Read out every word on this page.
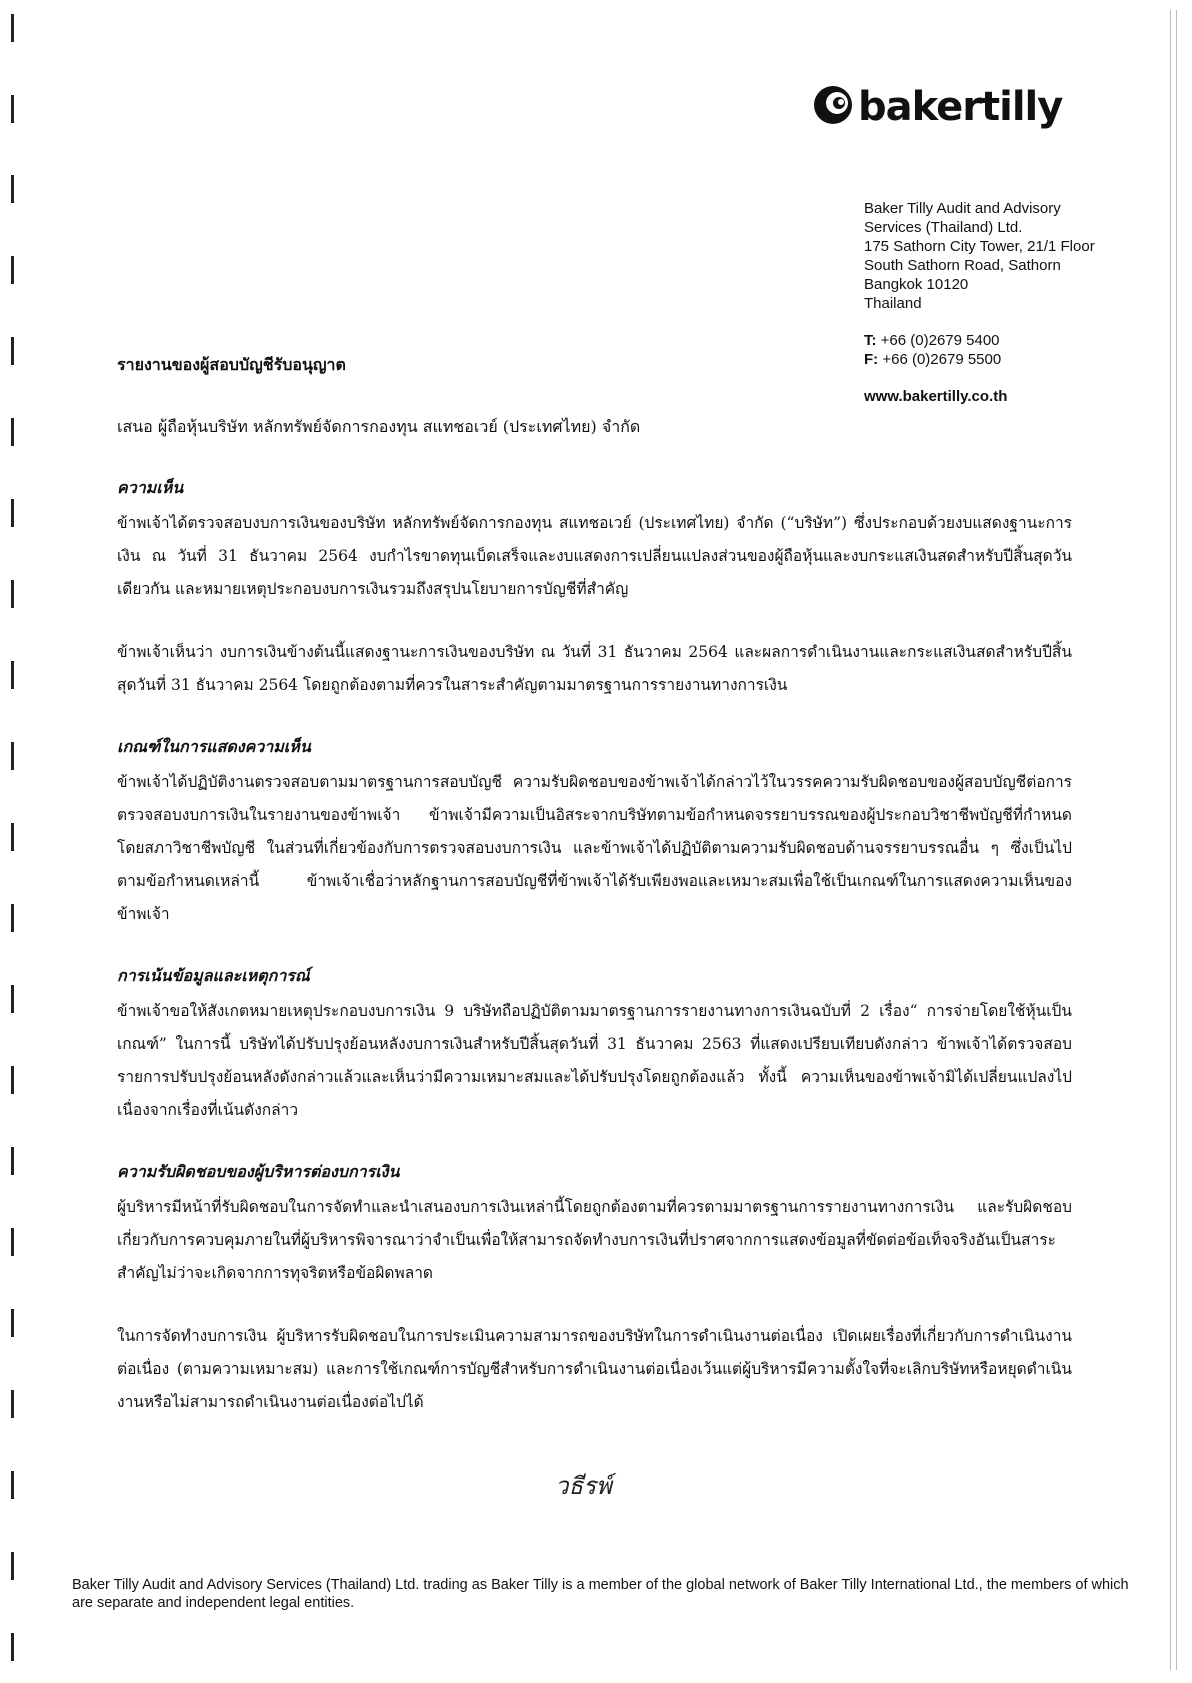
bakertilly
Baker Tilly Audit and Advisory
Services (Thailand) Ltd.
175 Sathorn City Tower, 21/1 Floor
South Sathorn Road, Sathorn
Bangkok 10120
Thailand
T: +66 (0)2679 5400
F: +66 (0)2679 5500
www.bakertilly.co.th
รายงานของผู้สอบบัญชีรับอนุญาต
เสนอ ผู้ถือหุ้นบริษัท หลักทรัพย์จัดการกองทุน สแทชอเวย์ (ประเทศไทย) จำกัด
ความเห็น

ข้าพเจ้าได้ตรวจสอบงบการเงินของบริษัท หลักทรัพย์จัดการกองทุน สแทชอเวย์ (ประเทศไทย) จำกัด (“บริษัท”) ซึ่งประกอบด้วยงบแสดงฐานะการเงิน ณ วันที่ 31 ธันวาคม 2564 งบกำไรขาดทุนเบ็ดเสร็จและงบแสดงการเปลี่ยนแปลงส่วนของผู้ถือหุ้นและงบกระแสเงินสดสำหรับปีสิ้นสุดวันเดียวกัน และหมายเหตุประกอบงบการเงินรวมถึงสรุปนโยบายการบัญชีที่สำคัญ

ข้าพเจ้าเห็นว่า งบการเงินข้างต้นนี้แสดงฐานะการเงินของบริษัท ณ วันที่ 31 ธันวาคม 2564 และผลการดำเนินงานและกระแสเงินสดสำหรับปีสิ้นสุดวันที่ 31 ธันวาคม 2564 โดยถูกต้องตามที่ควรในสาระสำคัญตามมาตรฐานการรายงานทางการเงิน

เกณฑ์ในการแสดงความเห็น

ข้าพเจ้าได้ปฏิบัติงานตรวจสอบตามมาตรฐานการสอบบัญชี ความรับผิดชอบของข้าพเจ้าได้กล่าวไว้ในวรรคความรับผิดชอบของผู้สอบบัญชีต่อการตรวจสอบงบการเงินในรายงานของข้าพเจ้า ข้าพเจ้ามีความเป็นอิสระจากบริษัทตามข้อกำหนดจรรยาบรรณของผู้ประกอบวิชาชีพบัญชีที่กำหนดโดยสภาวิชาชีพบัญชี ในส่วนที่เกี่ยวข้องกับการตรวจสอบงบการเงิน และข้าพเจ้าได้ปฏิบัติตามความรับผิดชอบด้านจรรยาบรรณอื่น ๆ ซึ่งเป็นไปตามข้อกำหนดเหล่านี้ ข้าพเจ้าเชื่อว่าหลักฐานการสอบบัญชีที่ข้าพเจ้าได้รับเพียงพอและเหมาะสมเพื่อใช้เป็นเกณฑ์ในการแสดงความเห็นของข้าพเจ้า

การเน้นข้อมูลและเหตุการณ์

ข้าพเจ้าขอให้สังเกตหมายเหตุประกอบงบการเงิน 9 บริษัทถือปฏิบัติตามมาตรฐานการรายงานทางการเงินฉบับที่ 2 เรื่อง“ การจ่ายโดยใช้หุ้นเป็นเกณฑ์” ในการนี้ บริษัทได้ปรับปรุงย้อนหลังงบการเงินสำหรับปีสิ้นสุดวันที่ 31 ธันวาคม 2563 ที่แสดงเปรียบเทียบดังกล่าว ข้าพเจ้าได้ตรวจสอบรายการปรับปรุงย้อนหลังดังกล่าวแล้วและเห็นว่ามีความเหมาะสมและได้ปรับปรุงโดยถูกต้องแล้ว ทั้งนี้ ความเห็นของข้าพเจ้ามิได้เปลี่ยนแปลงไปเนื่องจากเรื่องที่เน้นดังกล่าว

ความรับผิดชอบของผู้บริหารต่องบการเงิน

ผู้บริหารมีหน้าที่รับผิดชอบในการจัดทำและนำเสนองบการเงินเหล่านี้โดยถูกต้องตามที่ควรตามมาตรฐานการรายงานทางการเงิน และรับผิดชอบเกี่ยวกับการควบคุมภายในที่ผู้บริหารพิจารณาว่าจำเป็นเพื่อให้สามารถจัดทำงบการเงินที่ปราศจากการแสดงข้อมูลที่ขัดต่อข้อเท็จจริงอันเป็นสาระสำคัญไม่ว่าจะเกิดจากการทุจริตหรือข้อผิดพลาด

ในการจัดทำงบการเงิน ผู้บริหารรับผิดชอบในการประเมินความสามารถของบริษัทในการดำเนินงานต่อเนื่อง เปิดเผยเรื่องที่เกี่ยวกับการดำเนินงานต่อเนื่อง (ตามความเหมาะสม) และการใช้เกณฑ์การบัญชีสำหรับการดำเนินงานต่อเนื่องเว้นแต่ผู้บริหารมีความตั้งใจที่จะเลิกบริษัทหรือหยุดดำเนินงานหรือไม่สามารถดำเนินงานต่อเนื่องต่อไปได้

วธีรพ์
Baker Tilly Audit and Advisory Services (Thailand) Ltd. trading as Baker Tilly is a member of the global network of Baker Tilly International Ltd., the members of which are separate and independent legal entities.
